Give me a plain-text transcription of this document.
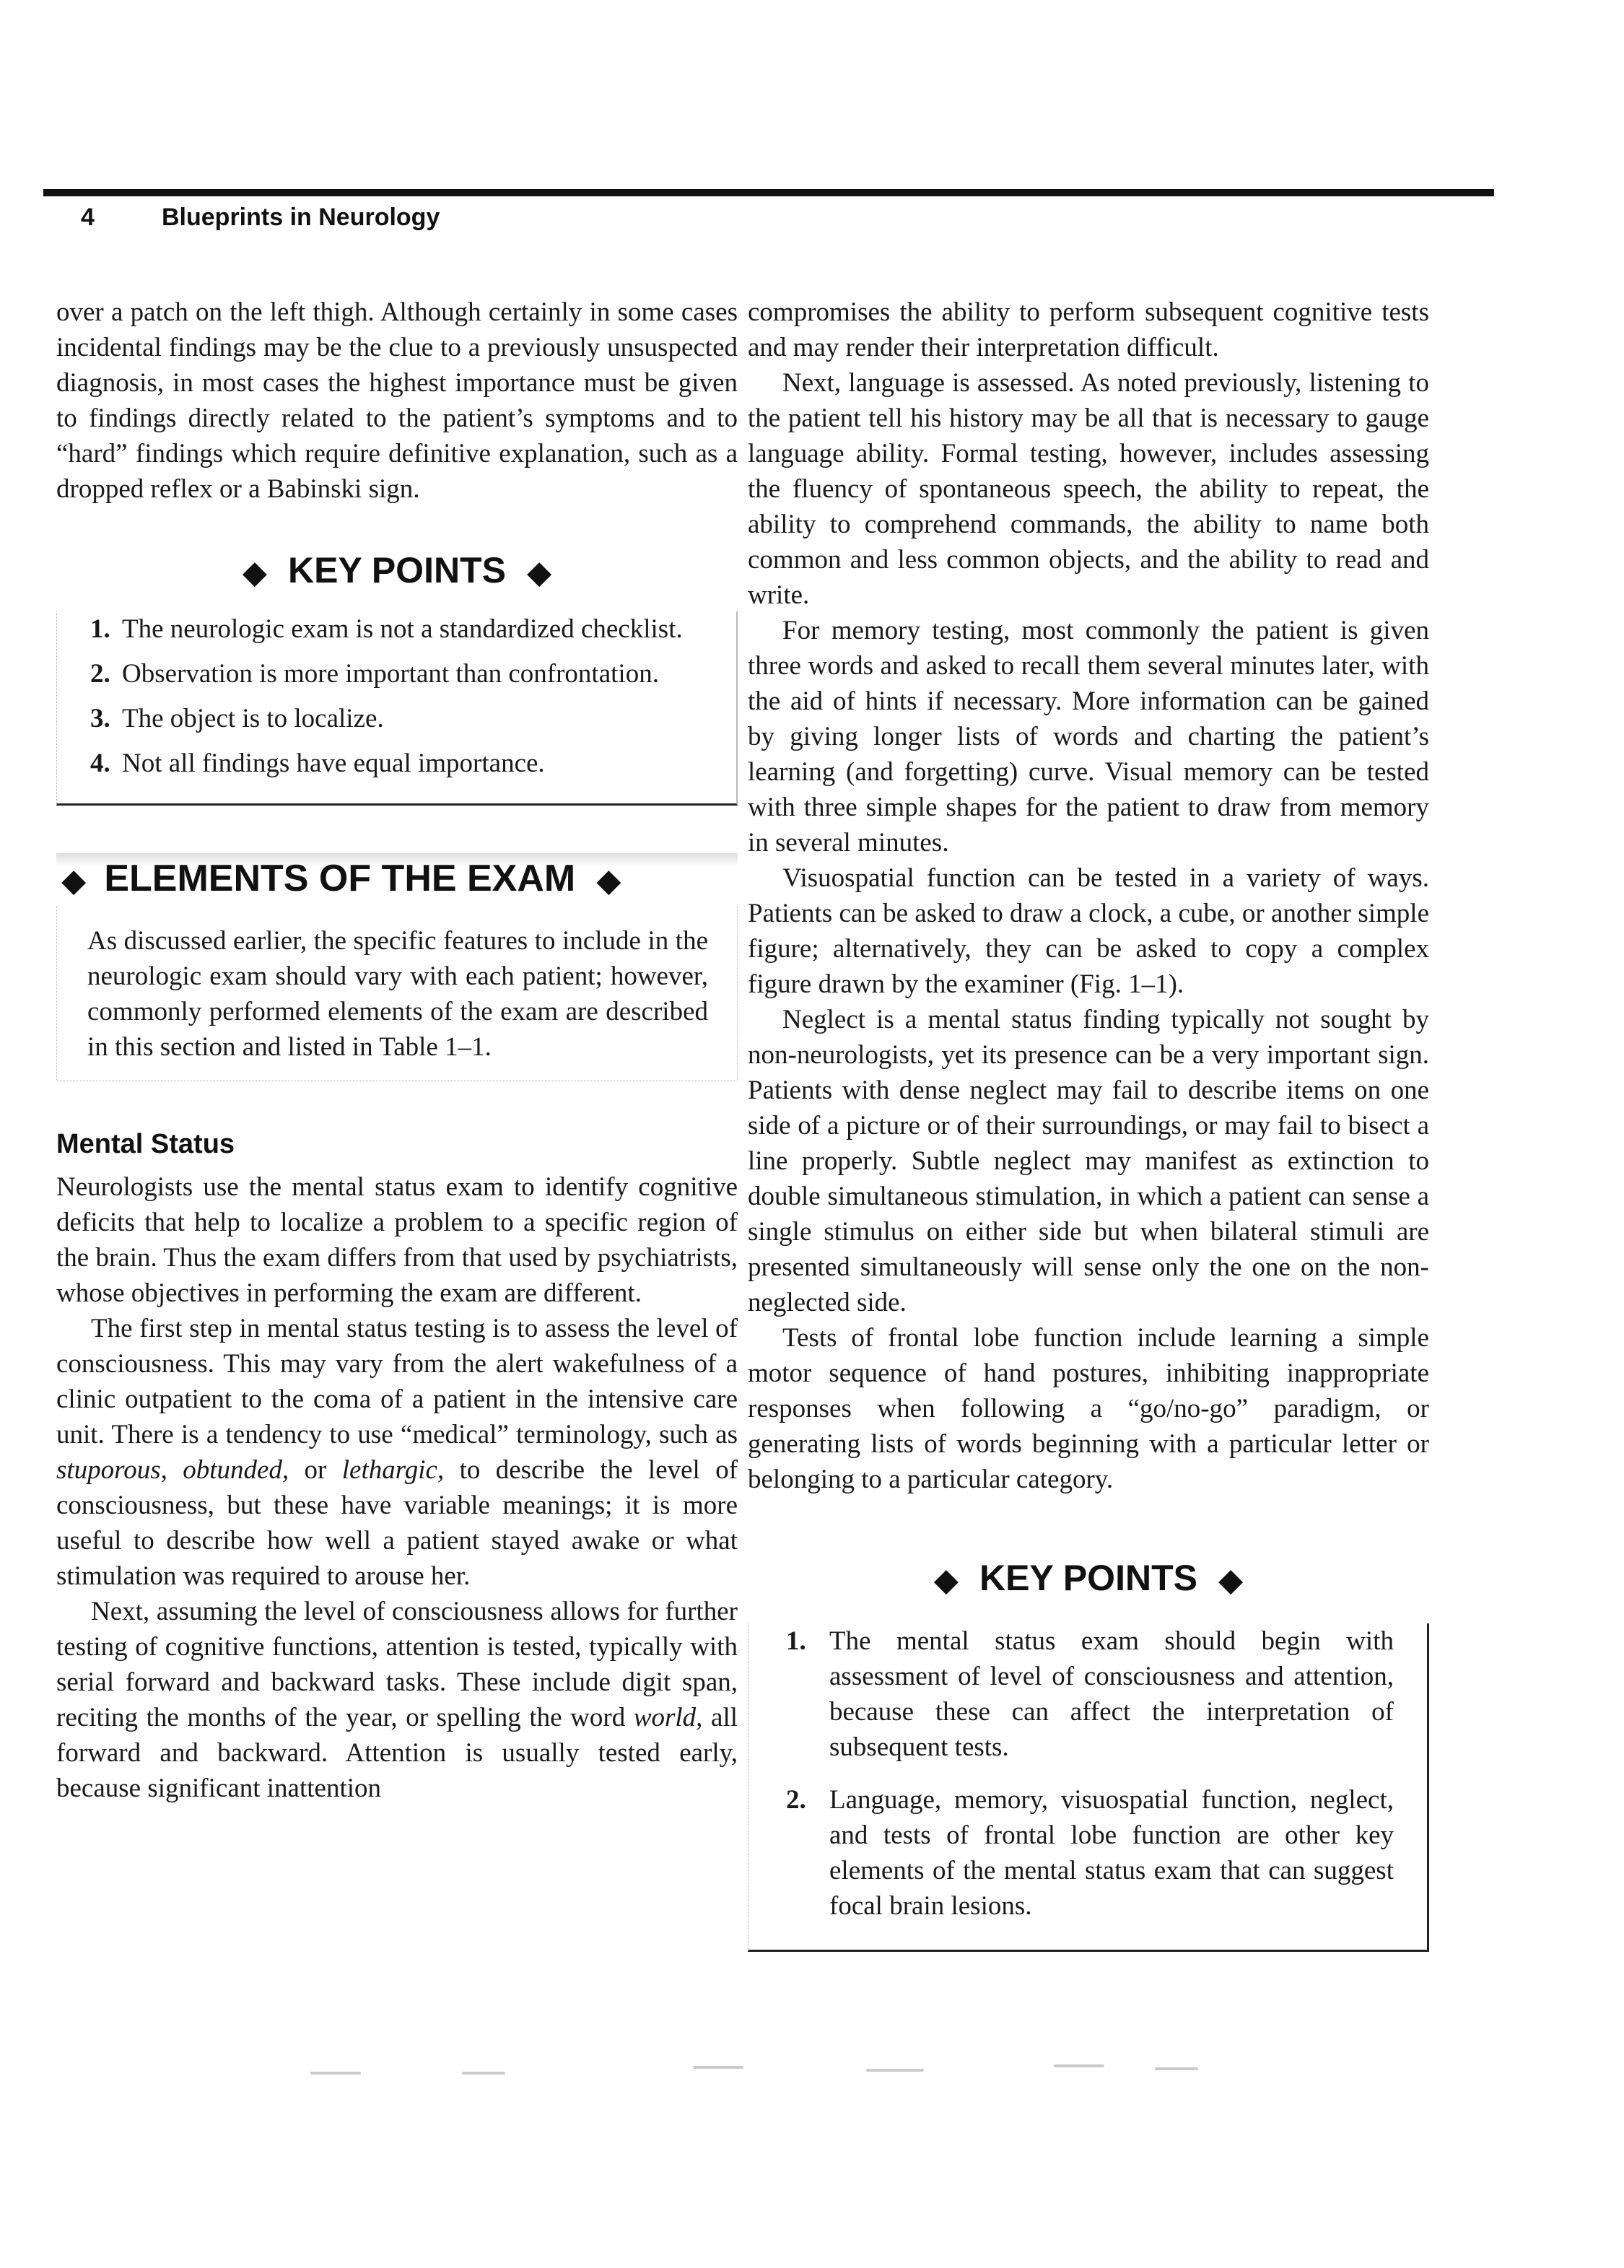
4	Blueprints in Neurology

over a patch on the left thigh. Although certainly in some cases incidental findings may be the clue to a previously unsuspected diagnosis, in most cases the highest importance must be given to findings directly related to the patient’s symptoms and to “hard” findings which require definitive explanation, such as a dropped reflex or a Babinski sign.

◆ KEY POINTS ◆
1. The neurologic exam is not a standardized checklist.
2. Observation is more important than confrontation.
3. The object is to localize.
4. Not all findings have equal importance.
◆ ELEMENTS OF THE EXAM ◆
As discussed earlier, the specific features to include in the neurologic exam should vary with each patient; however, commonly performed elements of the exam are described in this section and listed in Table 1–1.
Mental Status

Neurologists use the mental status exam to identify cognitive deficits that help to localize a problem to a specific region of the brain. Thus the exam differs from that used by psychiatrists, whose objectives in performing the exam are different.

The first step in mental status testing is to assess the level of consciousness. This may vary from the alert wakefulness of a clinic outpatient to the coma of a patient in the intensive care unit. There is a tendency to use “medical” terminology, such as stuporous, obtunded, or lethargic, to describe the level of consciousness, but these have variable meanings; it is more useful to describe how well a patient stayed awake or what stimulation was required to arouse her.

Next, assuming the level of consciousness allows for further testing of cognitive functions, attention is tested, typically with serial forward and backward tasks. These include digit span, reciting the months of the year, or spelling the word world, all forward and backward. Attention is usually tested early, because significant inattention

compromises the ability to perform subsequent cognitive tests and may render their interpretation difficult.

Next, language is assessed. As noted previously, listening to the patient tell his history may be all that is necessary to gauge language ability. Formal testing, however, includes assessing the fluency of spontaneous speech, the ability to repeat, the ability to comprehend commands, the ability to name both common and less common objects, and the ability to read and write.

For memory testing, most commonly the patient is given three words and asked to recall them several minutes later, with the aid of hints if necessary. More information can be gained by giving longer lists of words and charting the patient’s learning (and forgetting) curve. Visual memory can be tested with three simple shapes for the patient to draw from memory in several minutes.

Visuospatial function can be tested in a variety of ways. Patients can be asked to draw a clock, a cube, or another simple figure; alternatively, they can be asked to copy a complex figure drawn by the examiner (Fig. 1–1).

Neglect is a mental status finding typically not sought by non-neurologists, yet its presence can be a very important sign. Patients with dense neglect may fail to describe items on one side of a picture or of their surroundings, or may fail to bisect a line properly. Subtle neglect may manifest as extinction to double simultaneous stimulation, in which a patient can sense a single stimulus on either side but when bilateral stimuli are presented simultaneously will sense only the one on the non-neglected side.

Tests of frontal lobe function include learning a simple motor sequence of hand postures, inhibiting inappropriate responses when following a “go/no-go” paradigm, or generating lists of words beginning with a particular letter or belonging to a particular category.

◆ KEY POINTS ◆
1. The mental status exam should begin with assessment of level of consciousness and attention, because these can affect the interpretation of subsequent tests.
2. Language, memory, visuospatial function, neglect, and tests of frontal lobe function are other key elements of the mental status exam that can suggest focal brain lesions.
